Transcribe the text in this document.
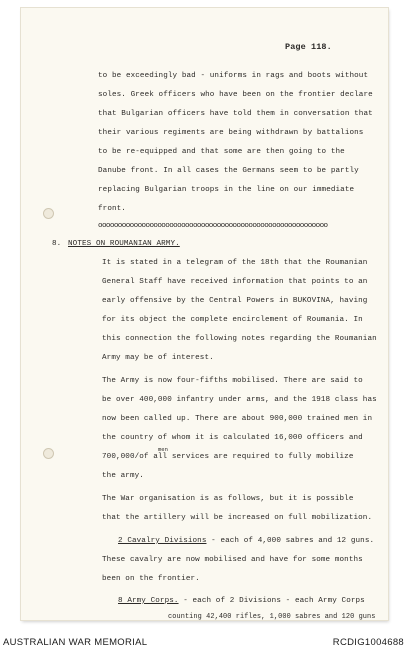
Page 118.
to be exceedingly bad - uniforms in rags and boots without
soles. Greek officers who have been on the frontier declare
that Bulgarian officers have told them in conversation that
their various regiments are being withdrawn by battalions
to be re-equipped and that some are then going to the
Danube front. In all cases the Germans seem to be partly
replacing Bulgarian troops in the line on our immediate
front.
oooooooooooooooooooooooooooooooooooooooooooooooooooooooooo
8. NOTES ON ROUMANIAN ARMY.
It is stated in a telegram of the 18th that the Roumanian
General Staff have received information that points to an
early offensive by the Central Powers in BUKOVINA, having
for its object the complete encirclement of Roumania. In
this connection the following notes regarding the Roumanian
Army may be of interest.
The Army is now four-fifths mobilised. There are said to
be over 400,000 infantry under arms, and the 1918 class has
now been called up. There are about 900,000 trained men in
the country of whom it is calculated 16,000 officers and
men
700,000/of all services are required to fully mobilize
the army.
The War organisation is as follows, but it is possible
that the artillery will be increased on full mobilization.
2 Cavalry Divisions - each of 4,000 sabres and 12 guns.
These cavalry are now mobilised and have for some months
been on the frontier.
8 Army Corps. - each of 2 Divisions - each Army Corps
counting 42,400 rifles, 1,000 sabres and 120 guns
AUSTRALIAN WAR MEMORIAL	RCDIG1004688
